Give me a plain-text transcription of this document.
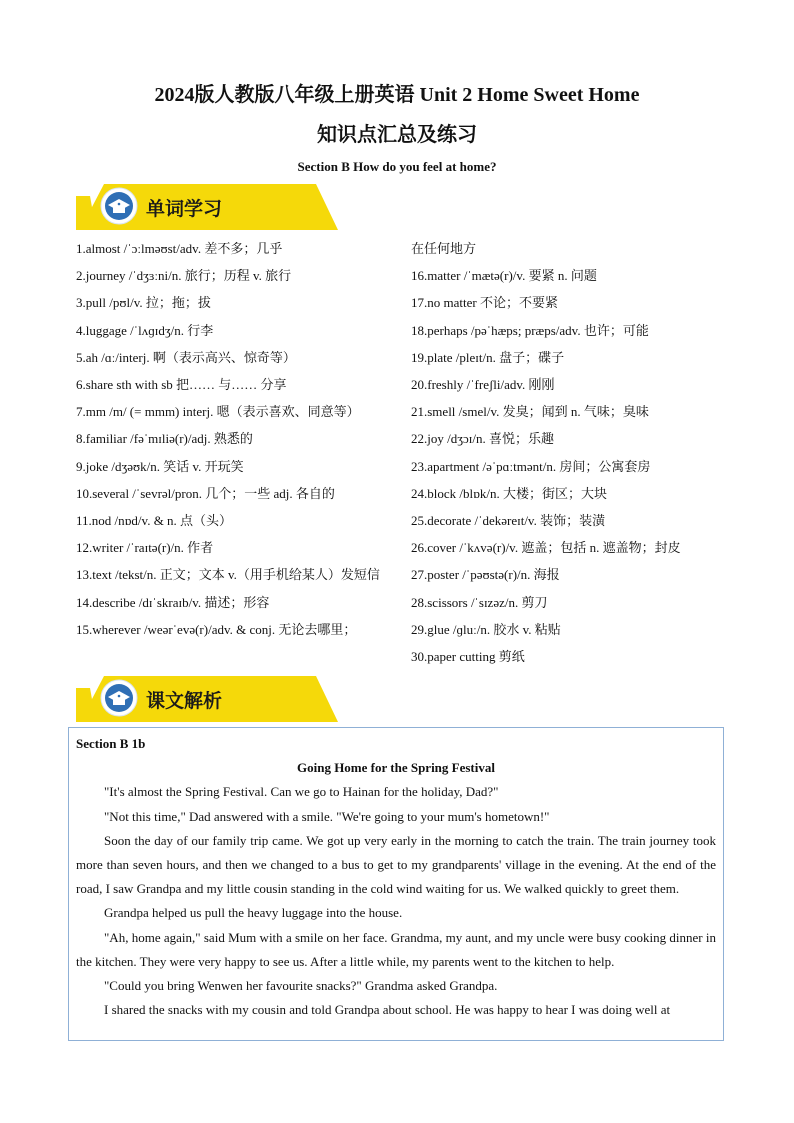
2024版人教版八年级上册英语 Unit 2 Home Sweet Home
知识点汇总及练习
Section B How do you feel at home?
单词学习
1.almost /ˈɔːlməʊst/adv. 差不多；几乎
2.journey /ˈdʒɜːni/n. 旅行；历程 v. 旅行
3.pull /pʊl/v. 拉；拖；拔
4.luggage /ˈlʌɡɪdʒ/n. 行李
5.ah /ɑː/interj. 啊（表示高兴、惊奇等）
6.share sth with sb 把…… 与…… 分享
7.mm /m/ (= mmm) interj. 嗯（表示喜欢、同意等）
8.familiar /fəˈmɪliə(r)/adj. 熟悉的
9.joke /dʒəʊk/n. 笑话 v. 开玩笑
10.several /ˈsevrəl/pron. 几个；一些 adj. 各自的
11.nod /nɒd/v. & n. 点（头）
12.writer /ˈraɪtə(r)/n. 作者
13.text /tekst/n. 正文；文本 v.（用手机给某人）发短信
14.describe /dɪˈskraɪb/v. 描述；形容
15.wherever /weərˈevə(r)/adv. & conj. 无论去哪里；
在任何地方
16.matter /ˈmætə(r)/v. 要紧 n. 问题
17.no matter 不论；不要紧
18.perhaps /pəˈhæps; præps/adv. 也许；可能
19.plate /pleɪt/n. 盘子；碟子
20.freshly /ˈfreʃli/adv. 刚刚
21.smell /smel/v. 发臭；闻到 n. 气味；臭味
22.joy /dʒɔɪ/n. 喜悦；乐趣
23.apartment /əˈpɑːtmənt/n. 房间；公寓套房
24.block /blɒk/n. 大楼；街区；大块
25.decorate /ˈdekəreɪt/v. 装饰；装潢
26.cover /ˈkʌvə(r)/v. 遮盖；包括 n. 遮盖物；封皮
27.poster /ˈpəʊstə(r)/n. 海报
28.scissors /ˈsɪzəz/n. 剪刀
29.glue /ɡluː/n. 胶水 v. 粘贴
30.paper cutting 剪纸
课文解析
Section B 1b
Going Home for the Spring Festival

"It's almost the Spring Festival. Can we go to Hainan for the holiday, Dad?"

"Not this time," Dad answered with a smile. "We're going to your mum's hometown!"

Soon the day of our family trip came. We got up very early in the morning to catch the train. The train journey took more than seven hours, and then we changed to a bus to get to my grandparents' village in the evening. At the end of the road, I saw Grandpa and my little cousin standing in the cold wind waiting for us. We walked quickly to greet them.

Grandpa helped us pull the heavy luggage into the house.

"Ah, home again," said Mum with a smile on her face. Grandma, my aunt, and my uncle were busy cooking dinner in the kitchen. They were very happy to see us. After a little while, my parents went to the kitchen to help.

"Could you bring Wenwen her favourite snacks?" Grandma asked Grandpa.

I shared the snacks with my cousin and told Grandpa about school. He was happy to hear I was doing well at
